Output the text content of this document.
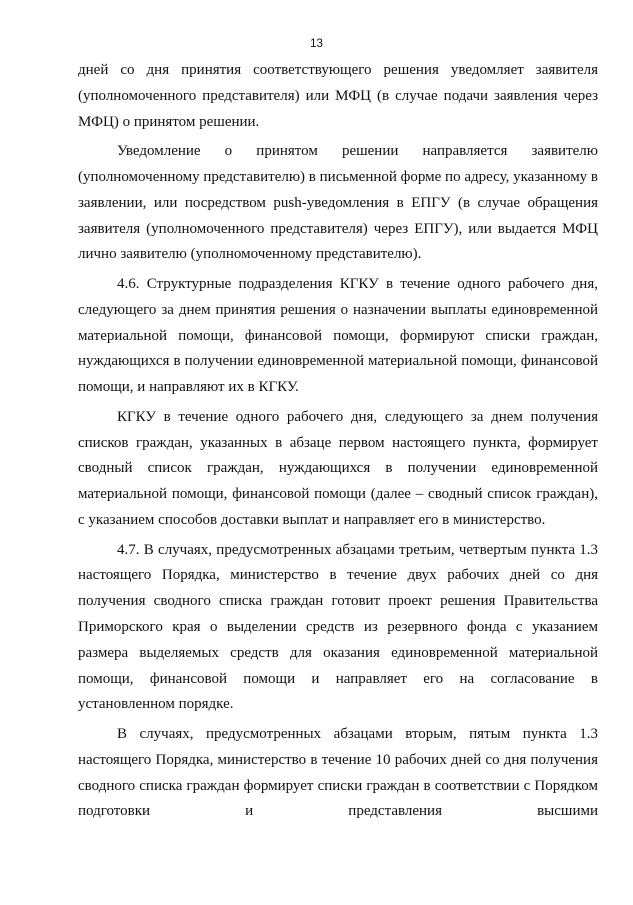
13

дней со дня принятия соответствующего решения уведомляет заявителя (уполномоченного представителя) или МФЦ (в случае подачи заявления через МФЦ) о принятом решении.

Уведомление о принятом решении направляется заявителю (уполномоченному представителю) в письменной форме по адресу, указанному в заявлении, или посредством push-уведомления в ЕПГУ (в случае обращения заявителя (уполномоченного представителя) через ЕПГУ), или выдается МФЦ лично заявителю (уполномоченному представителю).

4.6. Структурные подразделения КГКУ в течение одного рабочего дня, следующего за днем принятия решения о назначении выплаты единовременной материальной помощи, финансовой помощи, формируют списки граждан, нуждающихся в получении единовременной материальной помощи, финансовой помощи, и направляют их в КГКУ.

КГКУ в течение одного рабочего дня, следующего за днем получения списков граждан, указанных в абзаце первом настоящего пункта, формирует сводный список граждан, нуждающихся в получении единовременной материальной помощи, финансовой помощи (далее – сводный список граждан), с указанием способов доставки выплат и направляет его в министерство.

4.7. В случаях, предусмотренных абзацами третьим, четвертым пункта 1.3 настоящего Порядка, министерство в течение двух рабочих дней со дня получения сводного списка граждан готовит проект решения Правительства Приморского края о выделении средств из резервного фонда с указанием размера выделяемых средств для оказания единовременной материальной помощи, финансовой помощи и направляет его на согласование в установленном порядке.

В случаях, предусмотренных абзацами вторым, пятым пункта 1.3 настоящего Порядка, министерство в течение 10 рабочих дней со дня получения сводного списка граждан формирует списки граждан в соответствии с Порядком подготовки и представления высшими
